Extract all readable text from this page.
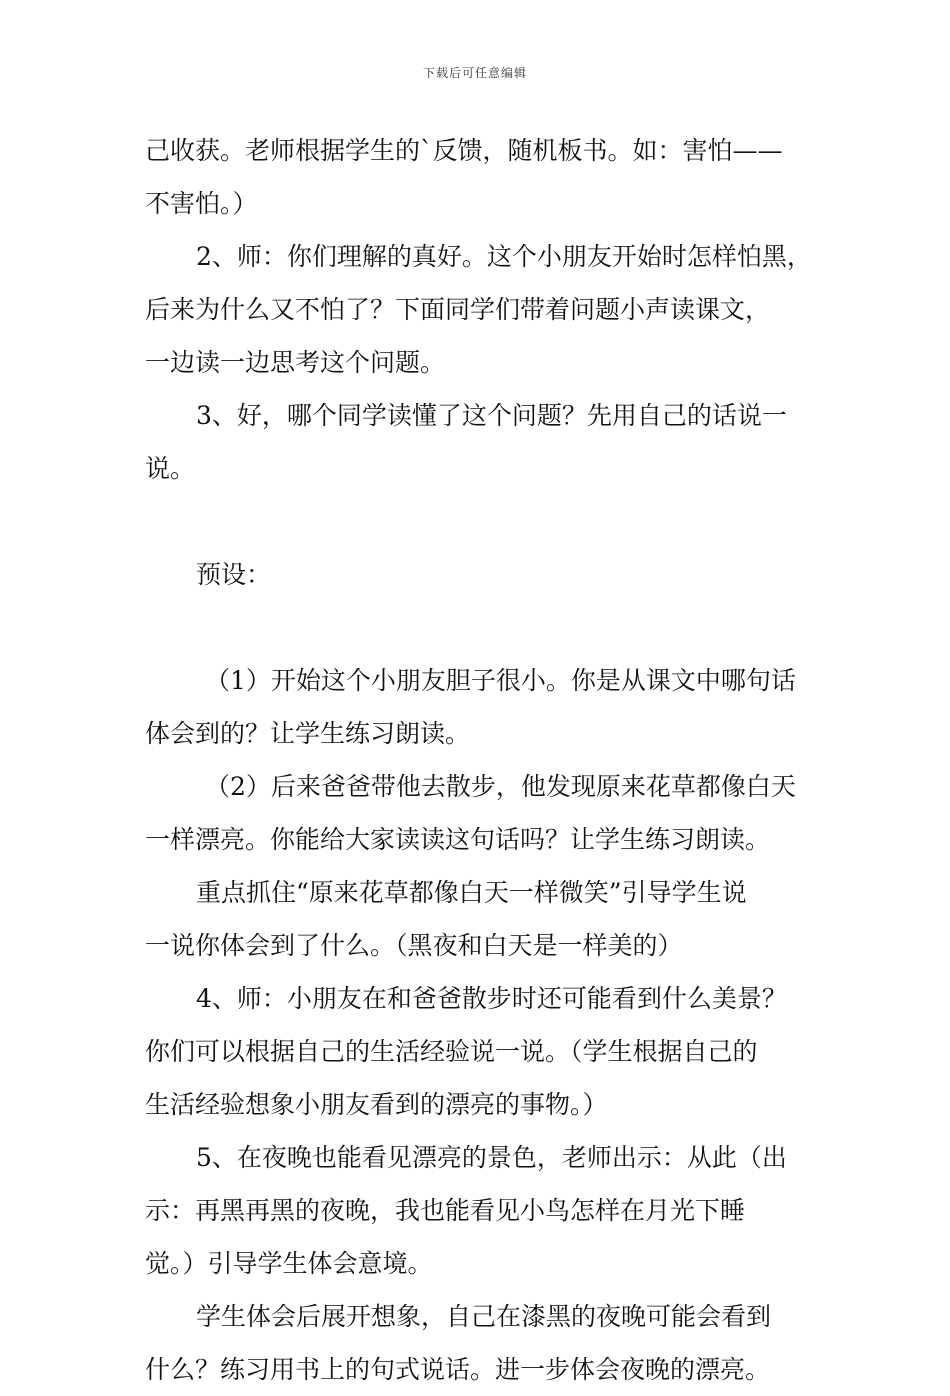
下载后可任意编辑
己收获。老师根据学生的`反馈，随机板书。如：害怕——
不害怕。）
2、师：你们理解的真好。这个小朋友开始时怎样怕黑，
后来为什么又不怕了？下面同学们带着问题小声读课文，
一边读一边思考这个问题。
3、好，哪个同学读懂了这个问题？先用自己的话说一
说。
预设：
（1）开始这个小朋友胆子很小。你是从课文中哪句话
体会到的？让学生练习朗读。
（2）后来爸爸带他去散步，他发现原来花草都像白天
一样漂亮。你能给大家读读这句话吗？让学生练习朗读。
重点抓住“原来花草都像白天一样微笑”引导学生说
一说你体会到了什么。（黑夜和白天是一样美的）
4、师：小朋友在和爸爸散步时还可能看到什么美景？
你们可以根据自己的生活经验说一说。（学生根据自己的
生活经验想象小朋友看到的漂亮的事物。）
5、在夜晚也能看见漂亮的景色，老师出示：从此（出
示：再黑再黑的夜晚，我也能看见小鸟怎样在月光下睡
觉。）引导学生体会意境。
学生体会后展开想象，自己在漆黑的夜晚可能会看到
什么？练习用书上的句式说话。进一步体会夜晚的漂亮。
